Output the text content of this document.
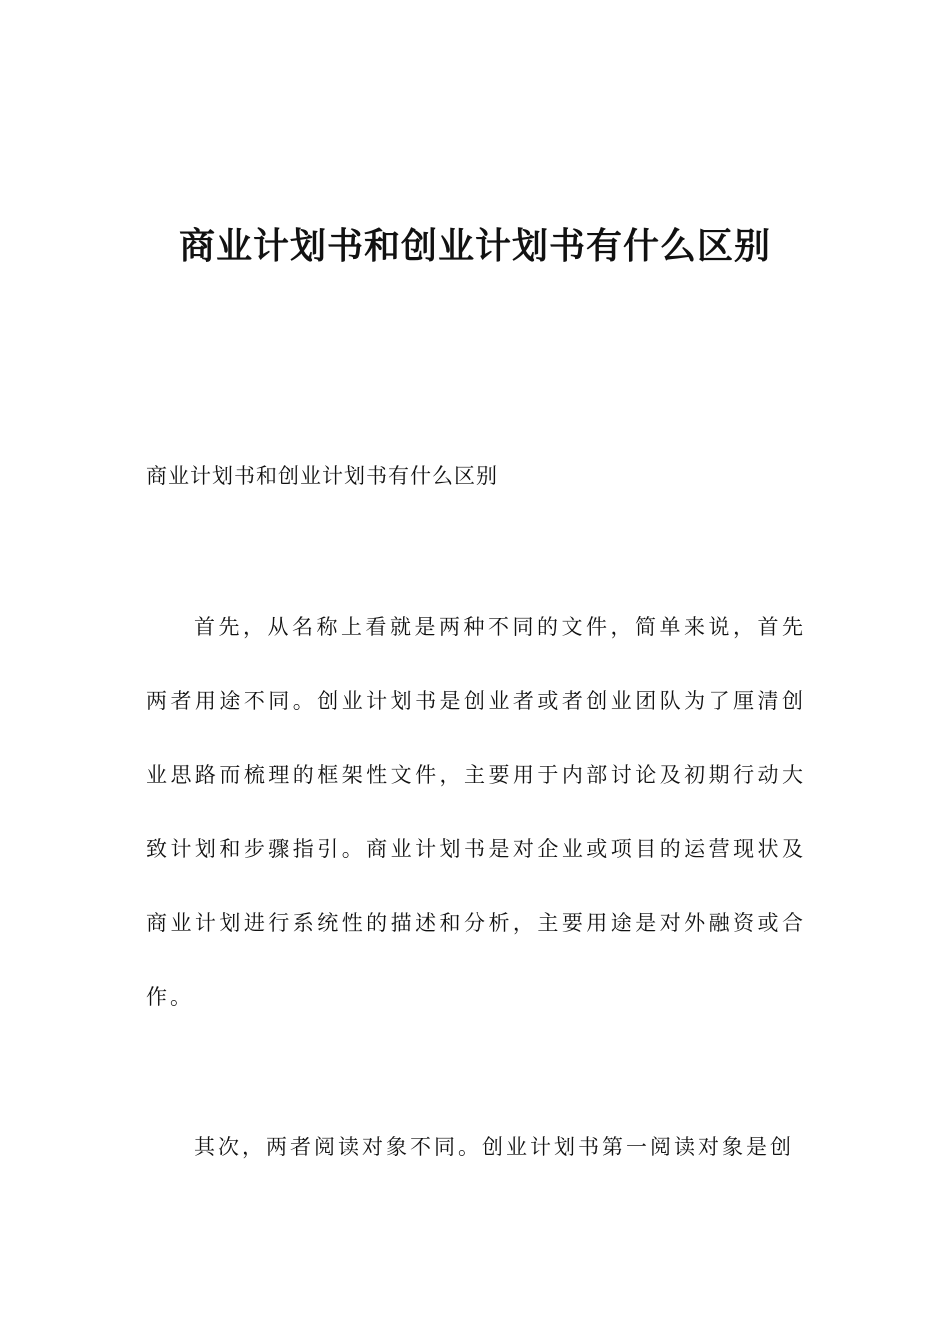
商业计划书和创业计划书有什么区别

商业计划书和创业计划书有什么区别

首先，从名称上看就是两种不同的文件，简单来说，首先两者用途不同。创业计划书是创业者或者创业团队为了厘清创业思路而梳理的框架性文件，主要用于内部讨论及初期行动大致计划和步骤指引。商业计划书是对企业或项目的运营现状及商业计划进行系统性的描述和分析，主要用途是对外融资或合作。

其次，两者阅读对象不同。创业计划书第一阅读对象是创
